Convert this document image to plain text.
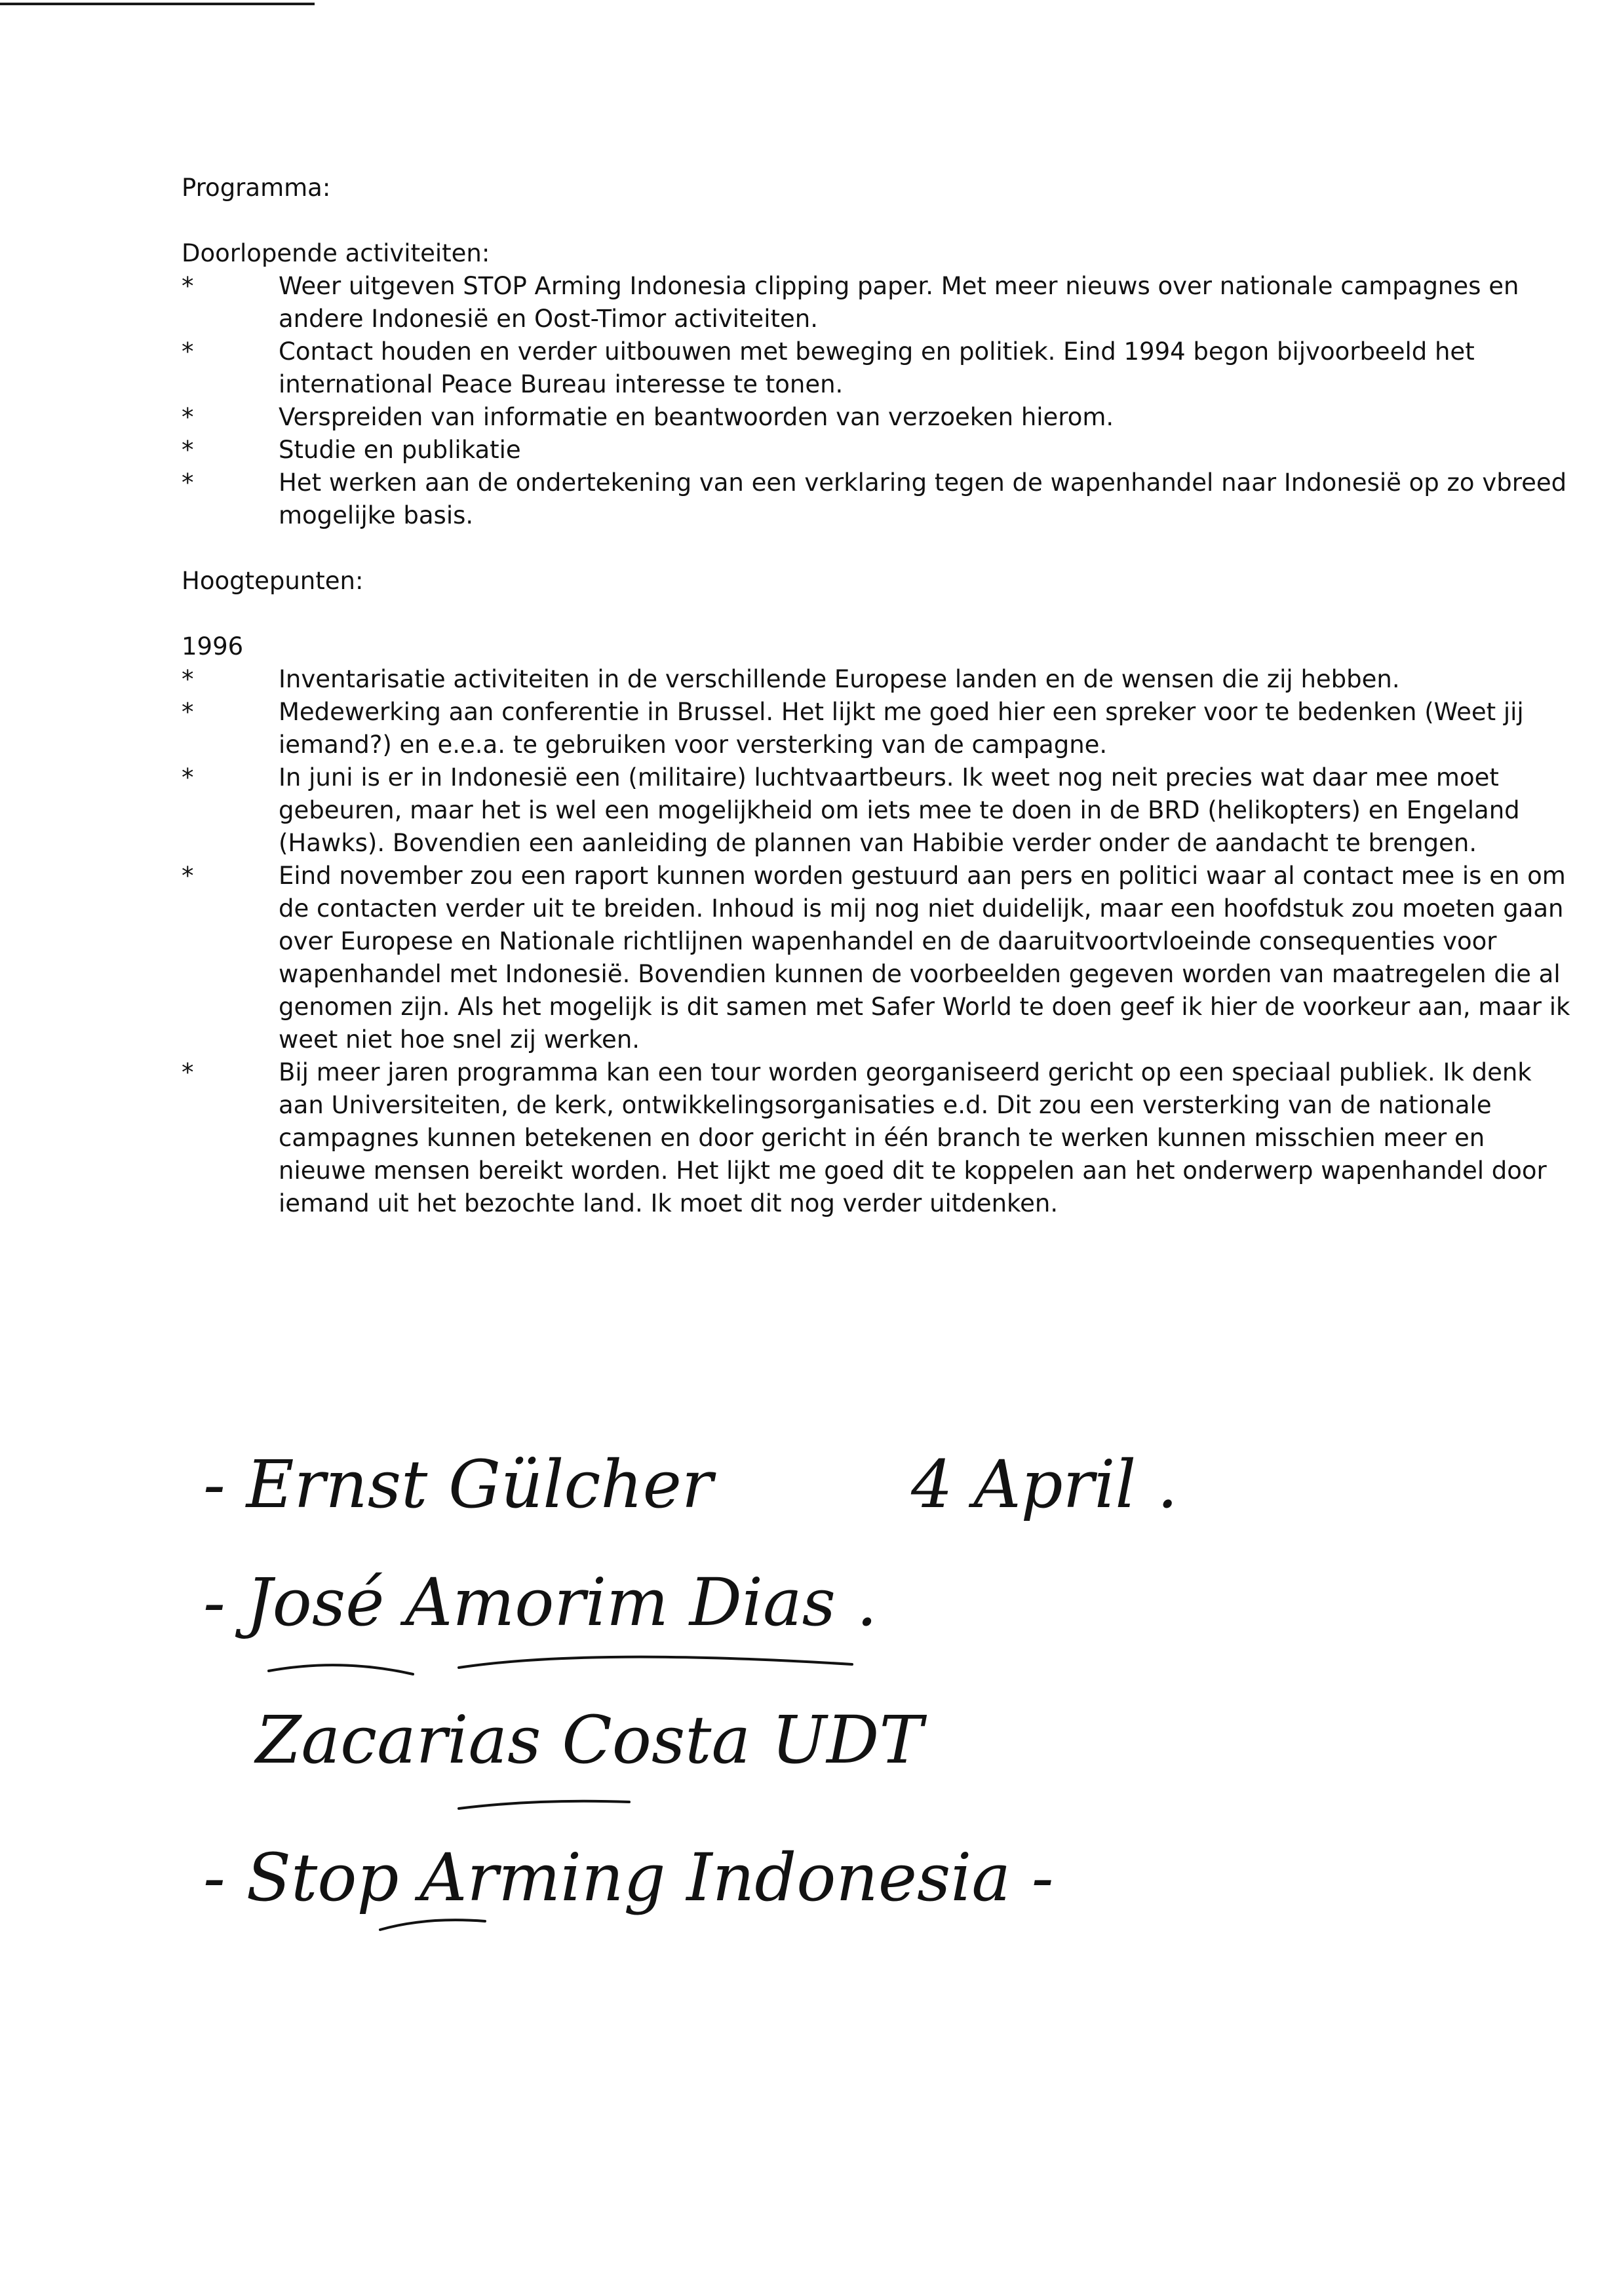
Programma:

Doorlopende activiteiten:

*	Weer uitgeven STOP Arming Indonesia clipping paper. Met meer nieuws over nationale campagnes en andere Indonesië en Oost-Timor activiteiten.
*	Contact houden en verder uitbouwen met beweging en politiek. Eind 1994 begon bijvoorbeeld het international Peace Bureau interesse te tonen.
*	Verspreiden van informatie en beantwoorden van verzoeken hierom.
*	Studie en publikatie
*	Het werken aan de ondertekening van een verklaring tegen de wapenhandel naar Indonesië op zo vbreed mogelijke basis.

Hoogtepunten:

1996

*	Inventarisatie activiteiten in de verschillende Europese landen en de wensen die zij hebben.
*	Medewerking aan conferentie in Brussel. Het lijkt me goed hier een spreker voor te bedenken (Weet jij iemand?) en e.e.a. te gebruiken voor versterking van de campagne.
*	In juni is er in Indonesië een (militaire) luchtvaartbeurs. Ik weet nog neit precies wat daar mee moet gebeuren, maar het is wel een mogelijkheid om iets mee te doen in de BRD (helikopters) en Engeland (Hawks). Bovendien een aanleiding de plannen van Habibie verder onder de aandacht te brengen.
*	Eind november zou een raport kunnen worden gestuurd aan pers en politici waar al contact mee is en om de contacten verder uit te breiden. Inhoud is mij nog niet duidelijk, maar een hoofdstuk zou moeten gaan over Europese en Nationale richtlijnen wapenhandel en de daaruitvoortvloeinde consequenties voor wapenhandel met Indonesië. Bovendien kunnen de voorbeelden gegeven worden van maatregelen die al genomen zijn. Als het mogelijk is dit samen met Safer World te doen geef ik hier de voorkeur aan, maar ik weet niet hoe snel zij werken.
*	Bij meer jaren programma kan een tour worden georganiseerd gericht op een speciaal publiek. Ik denk aan Universiteiten, de kerk, ontwikkelingsorganisaties e.d. Dit zou een versterking van de nationale campagnes kunnen betekenen en door gericht in één branch te werken kunnen misschien meer en nieuwe mensen bereikt worden. Het lijkt me goed dit te koppelen aan het onderwerp wapenhandel door iemand uit het bezochte land. Ik moet dit nog verder uitdenken.
- Ernst Gülcher	4 April .
- José Amorim Dias .
Zacarias Costa UDT
- Stop Arming Indonesia -
